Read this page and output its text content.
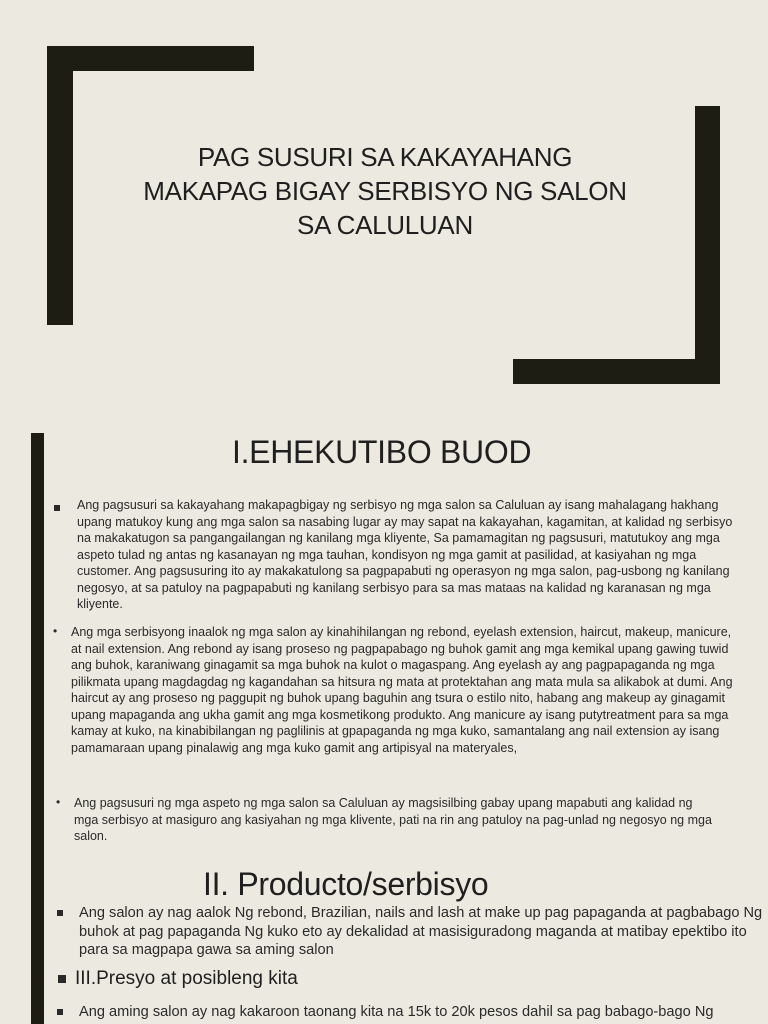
PAG SUSURI SA KAKAYAHANG
MAKAPAG BIGAY SERBISYO NG SALON
SA CALULUAN
I.EHEKUTIBO BUOD

Ang pagsusuri sa kakayahang makapagbigay ng serbisyo ng mga salon sa Caluluan ay isang mahalagang hakhang upang matukoy kung ang mga salon sa nasabing lugar ay may sapat na kakayahan, kagamitan, at kalidad ng serbisyo na makakatugon sa pangangailangan ng kanilang mga kliyente, Sa pamamagitan ng pagsusuri, matutukoy ang mga aspeto tulad ng antas ng kasanayan ng mga tauhan, kondisyon ng mga gamit at pasilidad, at kasiyahan ng mga customer. Ang pagsusuring ito ay makakatulong sa pagpapabuti ng operasyon ng mga salon, pag-usbong ng kanilang negosyo, at sa patuloy na pagpapabuti ng kanilang serbisyo para sa mas mataas na kalidad ng karanasan ng mga kliyente.

• Ang mga serbisyong inaalok ng mga salon ay kinahihilangan ng rebond, eyelash extension, haircut, makeup, manicure, at nail extension. Ang rebond ay isang proseso ng pagpapabago ng buhok gamit ang mga kemikal upang gawing tuwid ang buhok, karaniwang ginagamit sa mga buhok na kulot o magaspang. Ang eyelash ay ang pagpapaganda ng mga pilikmata upang magdagdag ng kagandahan sa hitsura ng mata at protektahan ang mata mula sa alikabok at dumi. Ang haircut ay ang proseso ng paggupit ng buhok upang baguhin ang tsura o estilo nito, habang ang makeup ay ginagamit upang mapaganda ang ukha gamit ang mga kosmetikong produkto. Ang manicure ay isang putytreatment para sa mga kamay at kuko, na kinabibilangan ng paglilinis at gpapaganda ng mga kuko, samantalang ang nail extension ay isang pamamaraan upang pinalawig ang mga kuko gamit ang artipisyal na materyales,

• Ang pagsusuri ng mga aspeto ng mga salon sa Caluluan ay magsisilbing gabay upang mapabuti ang kalidad ng mga serbisyo at masiguro ang kasiyahan ng mga klivente, pati na rin ang patuloy na pag-unlad ng negosyo ng mga salon.

II. Producto/serbisyo

Ang salon ay nag aalok Ng rebond, Brazilian, nails and lash at make up pag papaganda at pagbabago Ng buhok at pag papaganda Ng kuko eto ay dekalidad at masisiguradong maganda at matibay epektibo ito para sa magpapa gawa sa aming salon

III.Presyo at posibleng kita

Ang aming salon ay nag kakaroon taonang kita na 15k to 20k pesos dahil sa pag babago-bago Ng
